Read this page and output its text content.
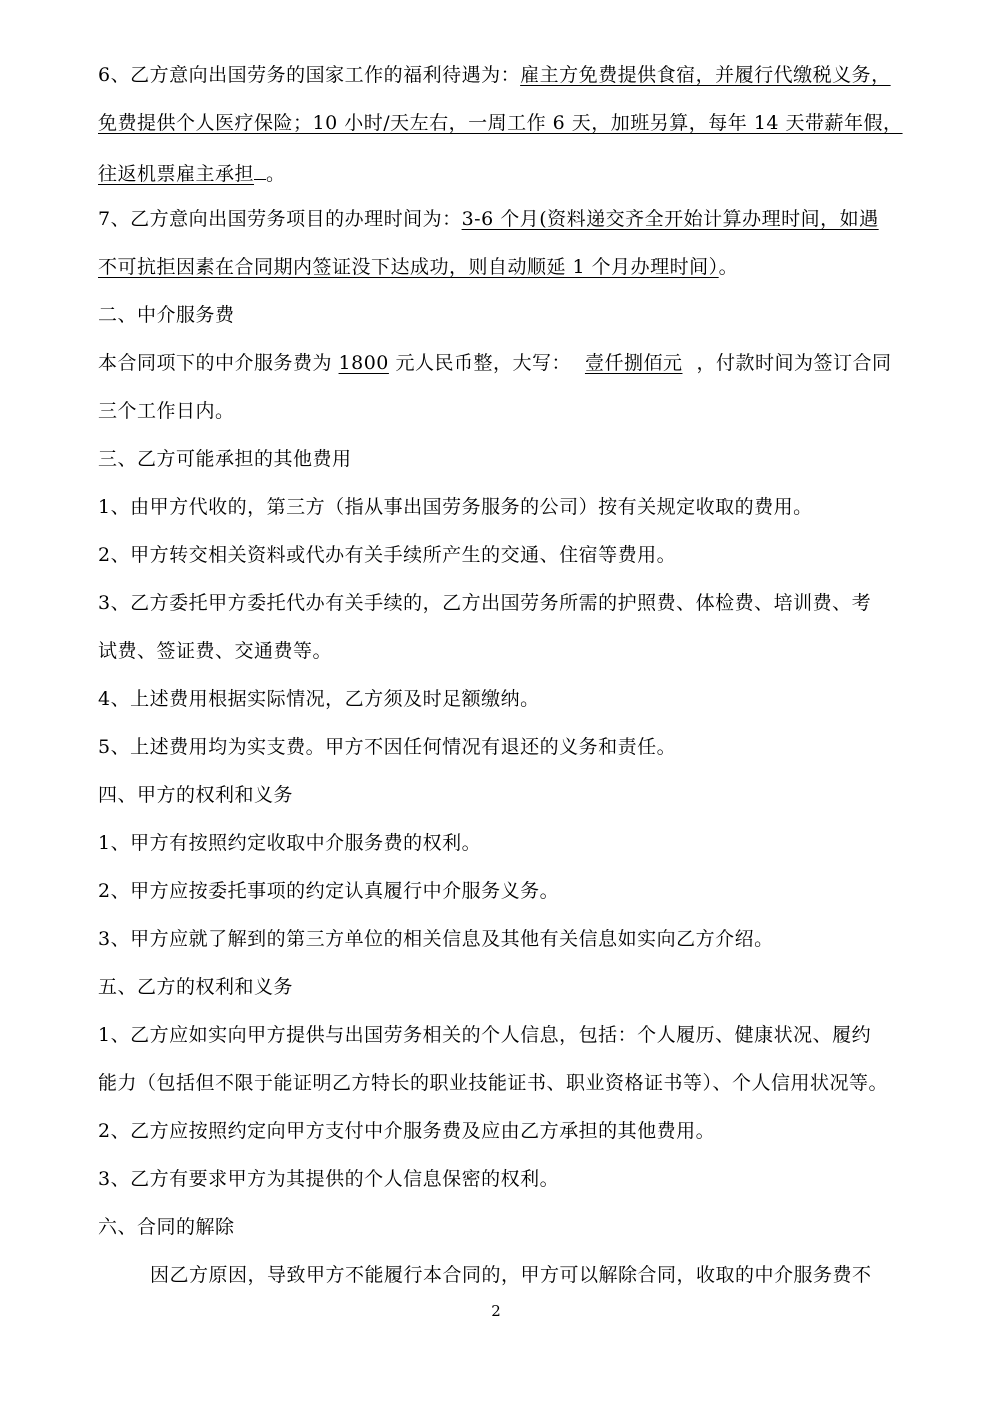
6、乙方意向出国劳务的国家工作的福利待遇为：雇主方免费提供食宿，并履行代缴税义务，
免费提供个人医疗保险；10 小时/天左右，一周工作 6 天，加班另算，每年 14 天带薪年假，
往返机票雇主承担 。
7、乙方意向出国劳务项目的办理时间为：3-6 个月(资料递交齐全开始计算办理时间，如遇
不可抗拒因素在合同期内签证没下达成功，则自动顺延 1 个月办理时间）。
二、中介服务费
本合同项下的中介服务费为 1800 元人民币整，大写： 壹仟捌佰元 ，付款时间为签订合同
三个工作日内。
三、乙方可能承担的其他费用
1、由甲方代收的，第三方（指从事出国劳务服务的公司）按有关规定收取的费用。
2、甲方转交相关资料或代办有关手续所产生的交通、住宿等费用。
3、乙方委托甲方委托代办有关手续的，乙方出国劳务所需的护照费、体检费、培训费、考
试费、签证费、交通费等。
4、上述费用根据实际情况，乙方须及时足额缴纳。
5、上述费用均为实支费。甲方不因任何情况有退还的义务和责任。
四、甲方的权利和义务
1、甲方有按照约定收取中介服务费的权利。
2、甲方应按委托事项的约定认真履行中介服务义务。
3、甲方应就了解到的第三方单位的相关信息及其他有关信息如实向乙方介绍。
五、乙方的权利和义务
1、乙方应如实向甲方提供与出国劳务相关的个人信息，包括：个人履历、健康状况、履约
能力（包括但不限于能证明乙方特长的职业技能证书、职业资格证书等）、个人信用状况等。
2、乙方应按照约定向甲方支付中介服务费及应由乙方承担的其他费用。
3、乙方有要求甲方为其提供的个人信息保密的权利。
六、合同的解除
因乙方原因，导致甲方不能履行本合同的，甲方可以解除合同，收取的中介服务费不
2
